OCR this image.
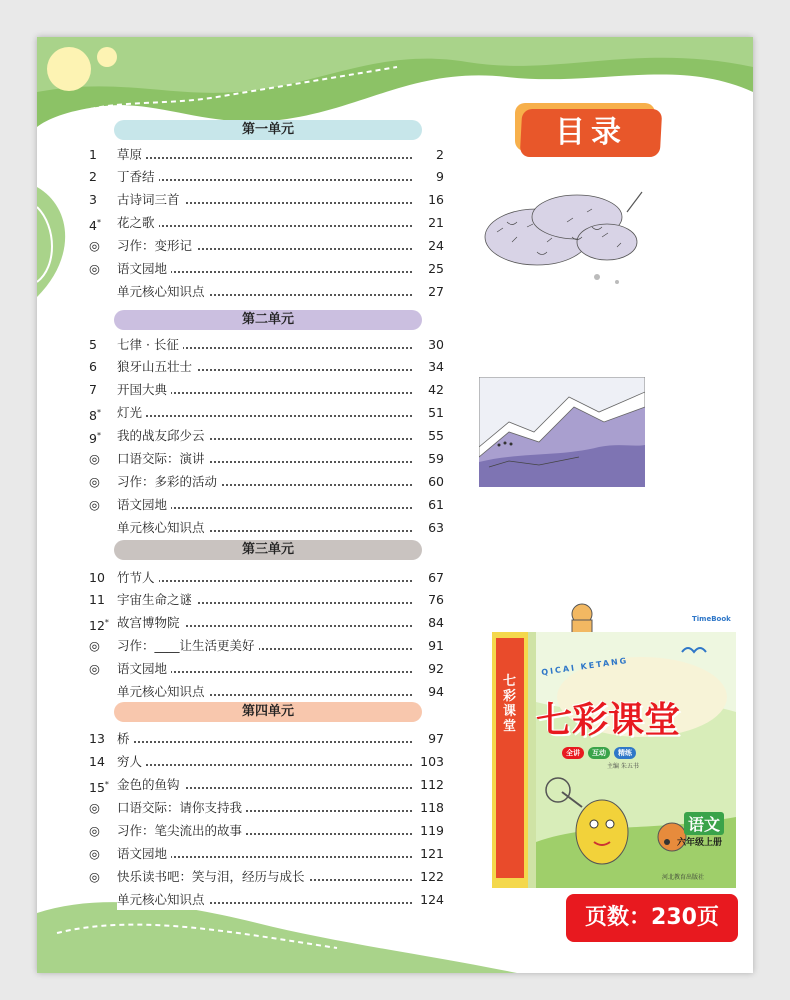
目录
第一单元
第二单元
第三单元
第四单元
1	草原	2
2	丁香结	9
3	古诗词三首	16
4*	花之歌	21
◎	习作：变形记	24
◎	语文园地	25
单元核心知识点	27
5	七律 · 长征	30
6	狼牙山五壮士	34
7	开国大典	42
8*	灯光	51
9*	我的战友邱少云	55
◎	口语交际：演讲	59
◎	习作：多彩的活动	60
◎	语文园地	61
单元核心知识点	63
10 竹节人	67
11 宇宙生命之谜	76
12* 故宫博物院	84
◎	习作：____让生活更美好	91
◎	语文园地	92
单元核心知识点	94
13 桥	97
14 穷人	103
15* 金色的鱼钩	112
◎	口语交际：请你支持我	118
◎	习作：笔尖流出的故事	119
◎	语文园地	121
◎	快乐读书吧：笑与泪，经历与成长	122
单元核心知识点	124
QICAI KETANG
七彩课堂
TimeBook
全讲 互动 精练
主编 朱五书
语文
六年级上册
河北教育出版社
七彩课堂
页数：230页
